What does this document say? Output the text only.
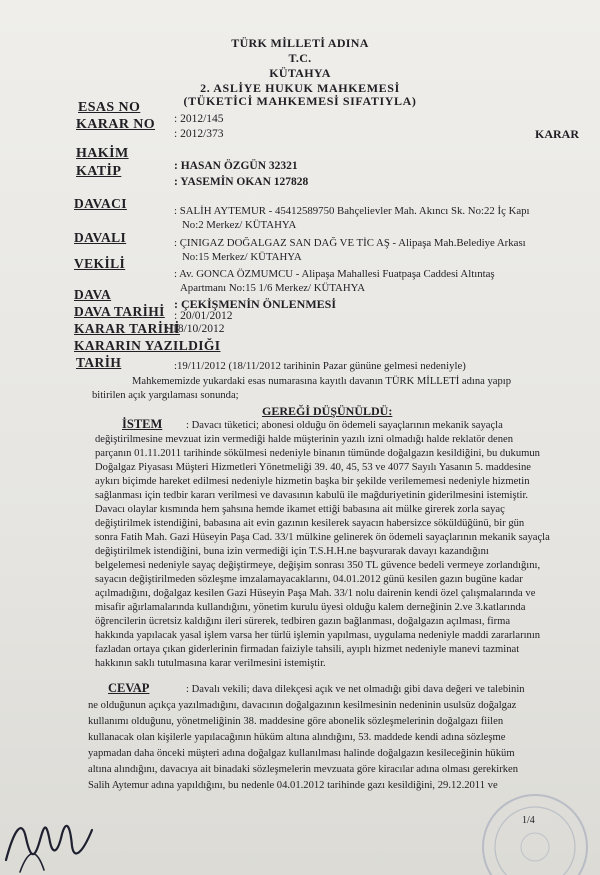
TÜRK MİLLETİ ADINA
T.C.
KÜTAHYA
2. ASLİYE HUKUK MAHKEMESİ
(TÜKETİCİ MAHKEMESİ SIFATIYLA)
ESAS NO
: 2012/145
KARAR NO
: 2012/373	KARAR
HAKİM
: HASAN ÖZGÜN 32321
KATİP
: YASEMİN OKAN 127828
DAVACI	: SALİH AYTEMUR - 45412589750 Bahçelievler Mah. Akıncı Sk. No:22 İç Kapı
No:2 Merkez/ KÜTAHYA
DAVALI	: ÇINIGAZ DOĞALGAZ SAN DAĞ VE TİC AŞ - Alipaşa Mah.Belediye Arkası
No:15 Merkez/ KÜTAHYA
VEKİLİ
: Av. GONCA ÖZMUMCU - Alipaşa Mahallesi Fuatpaşa Caddesi Altıntaş
Apartmanı No:15 1/6 Merkez/ KÜTAHYA
DAVA
: ÇEKİŞMENİN ÖNLENMESİ
DAVA TARİHİ : 20/01/2012
KARAR TARİHİ
: 18/10/2012
KARARIN YAZILDIĞI
TARİH	:19/11/2012 (18/11/2012 tarihinin Pazar gününe gelmesi nedeniyle)
Mahkememizde yukardaki esas numarasına kayıtlı davanın TÜRK MİLLETİ adına yapıp
bitirilen açık yargılaması sonunda;
GEREĞİ DÜŞÜNÜLDÜ:
İSTEM : Davacı tüketici; abonesi olduğu ön ödemeli sayaçlarının mekanik sayaçla
değiştirilmesine mevzuat izin vermediği halde müşterinin yazılı izni olmadığı halde reklatör denen
parçanın 01.11.2011 tarihinde sökülmesi nedeniyle binanın tümünde doğalgazın kesildiğini, bu dukumun
Doğalgaz Piyasası Müşteri Hizmetleri Yönetmeliği 39. 40, 45, 53 ve 4077 Sayılı Yasanın 5. maddesine
aykırı biçimde hareket edilmesi nedeniyle hizmetin başka bir şekilde verilememesi nedeniyle hizmetin
sağlanması için tedbir kararı verilmesi ve davasının kabulü ile mağduriyetinin giderilmesini istemiştir.
Davacı olaylar kısmında hem şahsına hemde ikamet ettiği babasına ait mülke girerek zorla sayaç
değiştirilmek istendiğini, babasına ait evin gazının kesilerek sayacın habersizce söküldüğünü, bir gün
sonra Fatih Mah. Gazi Hüseyin Paşa Cad. 33/1 mülkine gelinerek ön ödemeli sayaçlarının mekanik sayaçla
değiştirilmek istendiğini, buna izin vermediği için T.S.H.H.ne başvurarak davayı kazandığını
belgelemesi nedeniyle sayaç değiştirmeye, değişim sonrası 350 TL güvence bedeli vermeye zorlandığını,
sayacın değiştirilmeden sözleşme imzalamayacaklarını, 04.01.2012 günü kesilen gazın bugüne kadar
açılmadığını, doğalgaz kesilen Gazi Hüseyin Paşa Mah. 33/1 nolu dairenin kendi özel çalışmalarında ve
misafir ağırlamalarında kullandığını, yönetim kurulu üyesi olduğu kalem derneğinin 2.ve 3.katlarında
öğrencilerin ücretsiz kaldığını ileri sürerek, tedbiren gazın bağlanması, doğalgazın açılması, firma
hakkında yapılacak yasal işlem varsa her türlü işlemin yapılması, uygulama nedeniyle maddi zararlarının
fazladan ortaya çıkan giderlerinin firmadan faiziyle tahsili, ayıplı hizmet nedeniyle manevi tazminat
hakkının saklı tutulmasına karar verilmesini istemiştir.
CEVAP	: Davalı vekili; dava dilekçesi açık ve net olmadığı gibi dava değeri ve talebinin
ne olduğunun açıkça yazılmadığını, davacının doğalgazının kesilmesinin nedeninin usulsüz doğalgaz
kullanımı olduğunu, yönetmeliğinin 38. maddesine göre abonelik sözleşmelerinin doğalgazı fiilen
kullanacak olan kişilerle yapılacağının hüküm altına alındığını, 53. maddede kendi adına sözleşme
yapmadan daha önceki müşteri adına doğalgaz kullanılması halinde doğalgazın kesileceğinin hüküm
altına alındığını, davacıya ait binadaki sözleşmelerin mevzuata göre kiracılar adına olması gerekirken
Salih Aytemur adına yapıldığını, bu nedenle 04.01.2012 tarihinde gazı kesildiğini, 29.12.2011 ve
1/4
